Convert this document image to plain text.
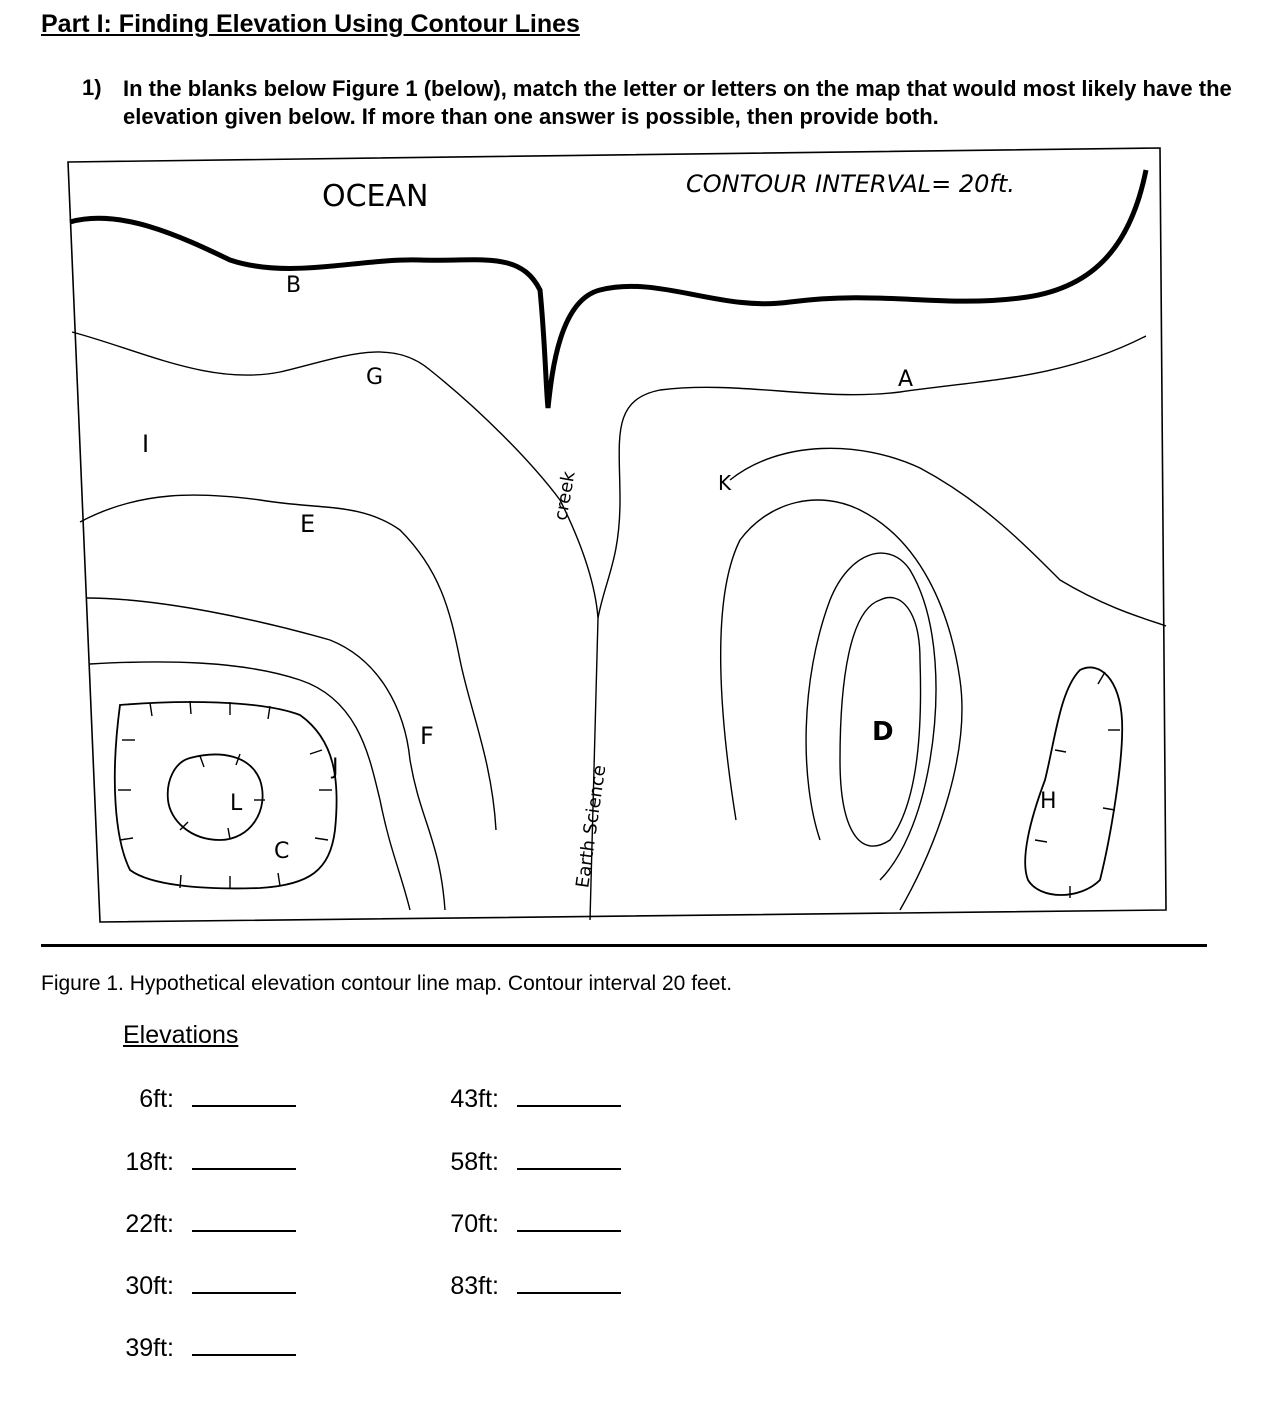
Part I: Finding Elevation Using Contour Lines
1) In the blanks below Figure 1 (below), match the letter or letters on the map that would most likely have the elevation given below. If more than one answer is possible, then provide both.
OCEAN	CONTOUR INTERVAL= 20ft.
creek
Earth Science
A
B
C
D
E
F
G
H
I
J
K
L
Figure 1. Hypothetical elevation contour line map. Contour interval 20 feet.
Elevations
6ft:
18ft:
22ft:
30ft:
39ft:
43ft:
58ft:
70ft:
83ft:
